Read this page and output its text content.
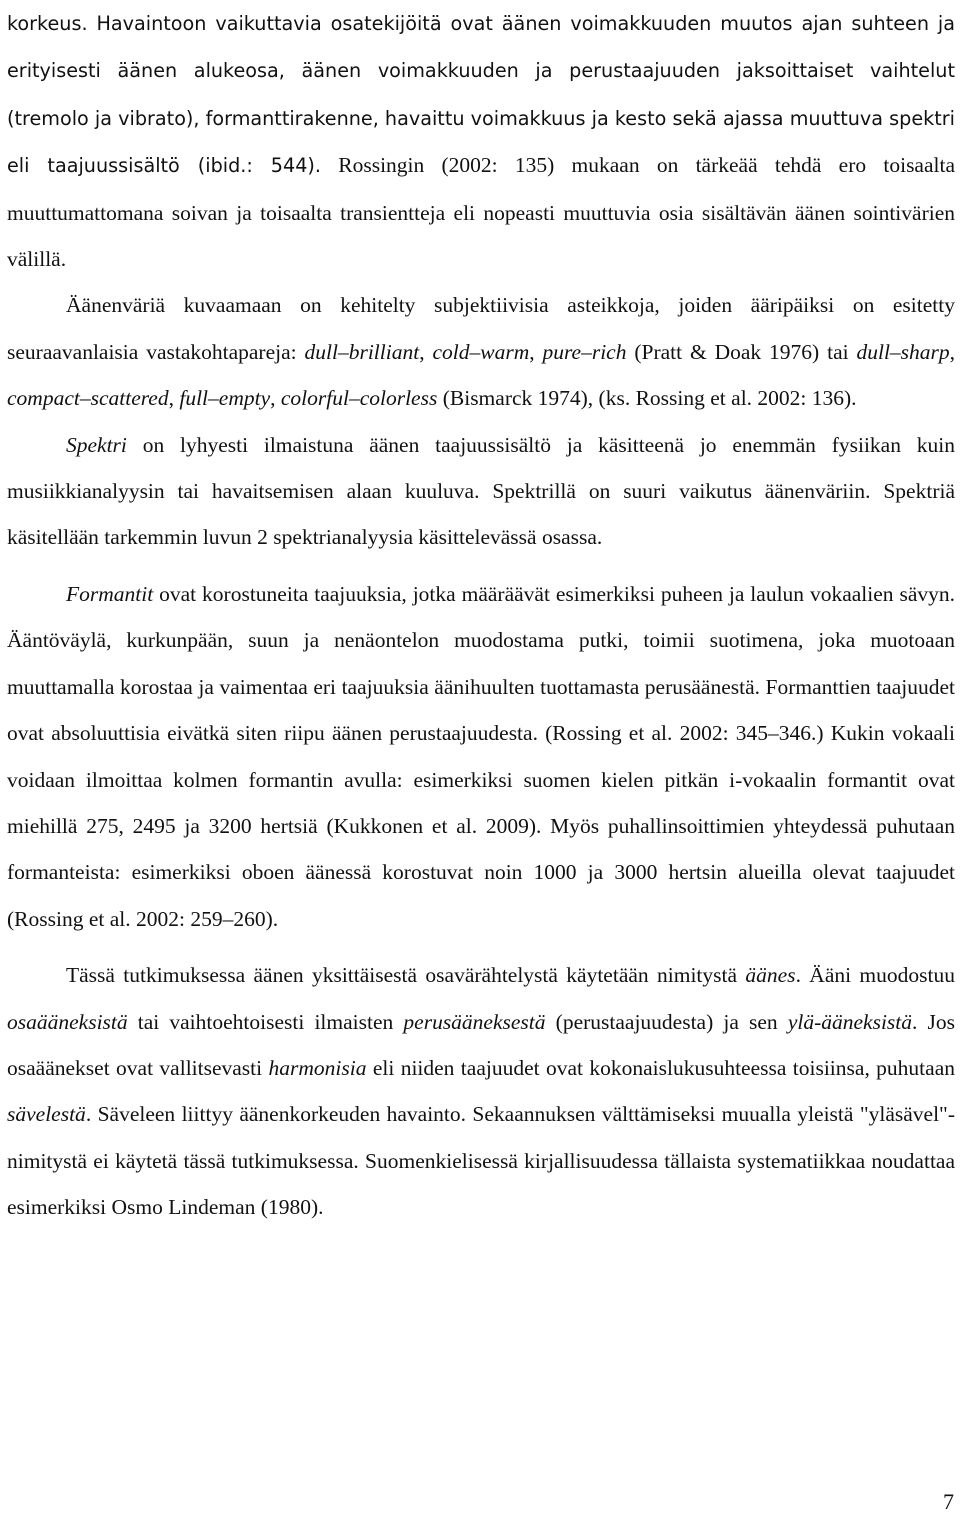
korkeus. Havaintoon vaikuttavia osatekijöitä ovat äänen voimakkuuden muutos ajan suhteen ja erityisesti äänen alukeosa, äänen voimakkuuden ja perustaajuuden jaksoittaiset vaihtelut (tremolo ja vibrato), formanttirakenne, havaittu voimakkuus ja kesto sekä ajassa muuttuva spektri eli taajuussisältö (ibid.: 544). Rossingin (2002: 135) mukaan on tärkeää tehdä ero toisaalta muuttumattomana soivan ja toisaalta transientteja eli nopeasti muuttuvia osia sisältävän äänen sointivärien välillä.

Äänenväriä kuvaamaan on kehitelty subjektiivisia asteikkoja, joiden ääripäiksi on esitetty seuraavanlaisia vastakohtapareja: dull–brilliant, cold–warm, pure–rich (Pratt & Doak 1976) tai dull–sharp, compact–scattered, full–empty, colorful–colorless (Bismarck 1974), (ks. Rossing et al. 2002: 136).

Spektri on lyhyesti ilmaistuna äänen taajuussisältö ja käsitteenä jo enemmän fysiikan kuin musiikkianalyysin tai havaitsemisen alaan kuuluva. Spektrillä on suuri vaikutus äänenväriin. Spektriä käsitellään tarkemmin luvun 2 spektrianalyysia käsittelevässä osassa.

Formantit ovat korostuneita taajuuksia, jotka määräävät esimerkiksi puheen ja laulun vokaalien sävyn. Ääntöväylä, kurkunpään, suun ja nenäontelon muodostama putki, toimii suotimena, joka muotoaan muuttamalla korostaa ja vaimentaa eri taajuuksia äänihuulten tuottamasta perusäänestä. Formanttien taajuudet ovat absoluuttisia eivätkä siten riipu äänen perustaajuudesta. (Rossing et al. 2002: 345–346.) Kukin vokaali voidaan ilmoittaa kolmen formantin avulla: esimerkiksi suomen kielen pitkän i-vokaalin formantit ovat miehillä 275, 2495 ja 3200 hertsiä (Kukkonen et al. 2009). Myös puhallinsoittimien yhteydessä puhutaan formanteista: esimerkiksi oboen äänessä korostuvat noin 1000 ja 3000 hertsin alueilla olevat taajuudet (Rossing et al. 2002: 259–260).

Tässä tutkimuksessa äänen yksittäisestä osavärähtelystä käytetään nimitystä äänes. Ääni muodostuu osaääneksistä tai vaihtoehtoisesti ilmaisten perusääneksestä (perustaajuudesta) ja sen ylä-ääneksistä. Jos osaäänekset ovat vallitsevasti harmonisia eli niiden taajuudet ovat kokonaislukusuhteessa toisiinsa, puhutaan sävelestä. Säveleen liittyy äänenkorkeuden havainto. Sekaannuksen välttämiseksi muualla yleistä "yläsävel"-nimitystä ei käytetä tässä tutkimuksessa. Suomenkielisessä kirjallisuudessa tällaista systematiikkaa noudattaa esimerkiksi Osmo Lindeman (1980).

7
